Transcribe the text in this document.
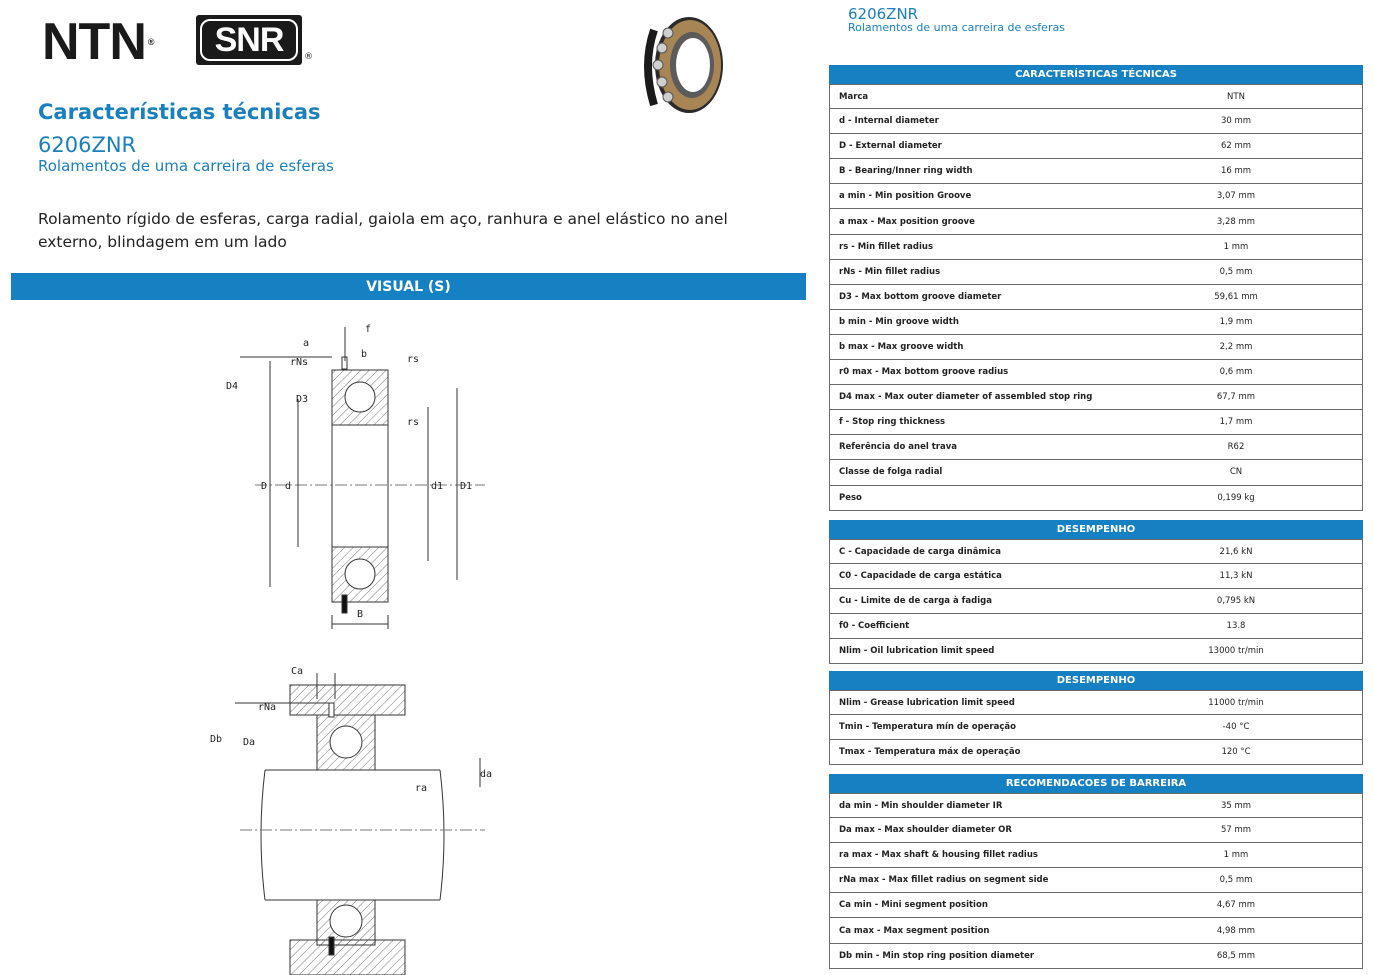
NTN ®	SNR	®
Características técnicas
6206ZNR
Rolamentos de uma carreira de esferas
Rolamento rígido de esferas, carga radial, gaiola em aço, ranhura e anel elástico no anel externo, blindagem em um lado
VISUAL (S)
a
f
b
rNs	rs
rs
D4
D3
D d	d1 D1
B
Ca
rNa
Db Da
da
ra
6206ZNR
Rolamentos de uma carreira de esferas
CARACTERÍSTICAS TÉCNICAS
Marca	NTN
d - Internal diameter	30 mm
D - External diameter	62 mm
B - Bearing/Inner ring width	16 mm
a min - Min position Groove	3,07 mm
a max - Max position groove	3,28 mm
rs - Min fillet radius	1 mm
rNs - Min fillet radius	0,5 mm
D3 - Max bottom groove diameter	59,61 mm
b min - Min groove width	1,9 mm
b max - Max groove width	2,2 mm
r0 max - Max bottom groove radius	0,6 mm
D4 max - Max outer diameter of assembled stop ring	67,7 mm
f - Stop ring thickness	1,7 mm
Referência do anel trava	R62
Classe de folga radial	CN
Peso	0,199 kg
DESEMPENHO
C - Capacidade de carga dinâmica	21,6 kN
C0 - Capacidade de carga estática	11,3 kN
Cu - Limite de de carga à fadiga	0,795 kN
f0 - Coefficient	13.8
Nlim - Oil lubrication limit speed	13000 tr/min
DESEMPENHO
Nlim - Grease lubrication limit speed	11000 tr/min
Tmin - Temperatura mín de operação	-40 °C
Tmax - Temperatura máx de operação	120 °C
RECOMENDACOES DE BARREIRA
da min - Min shoulder diameter IR	35 mm
Da max - Max shoulder diameter OR	57 mm
ra max - Max shaft & housing fillet radius	1 mm
rNa max - Max fillet radius on segment side	0,5 mm
Ca min - Mini segment position	4,67 mm
Ca max - Max segment position	4,98 mm
Db min - Min stop ring position diameter	68,5 mm
